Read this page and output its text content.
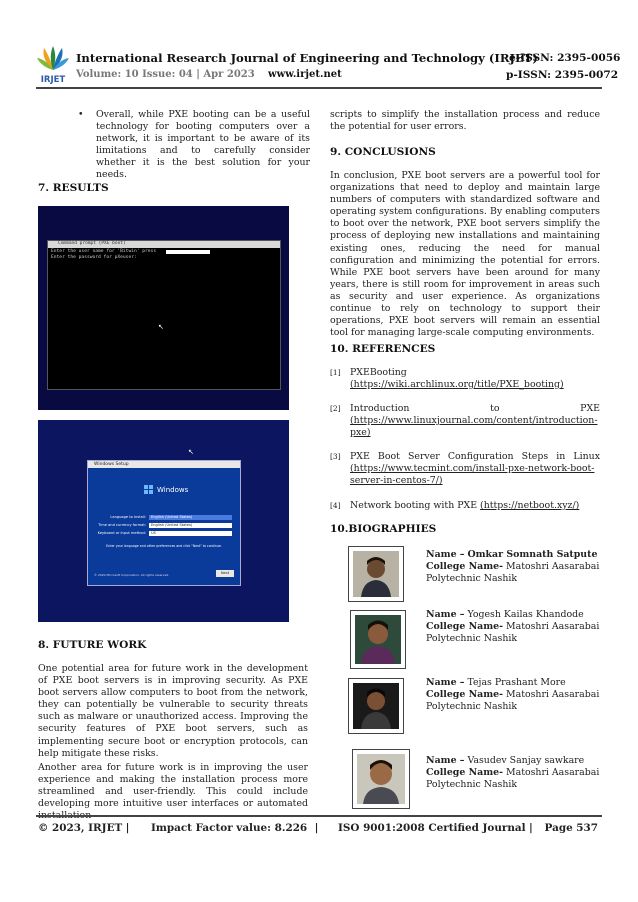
IRJET
International Research Journal of Engineering and Technology (IRJET)
e-ISSN: 2395-0056
Volume: 10 Issue: 04 | Apr 2023 www.irjet.net	p-ISSN: 2395-0072
•	Overall, while PXE booting can be a useful technology for booting computers over a network, it is important to be aware of its limitations and to carefully consider whether it is the best solution for your needs.
7. RESULTS
Command prompt (PXE boot)
Enter the user name for 'Bitwin' press
Enter the password for pXeuser:
↖
↖
Windows Setup
Windows
Language to install:	English (United States)
Time and currency format:	English (United States)
Keyboard or input method:	US
Enter your language and other preferences and click "Next" to continue.
© 2020 Microsoft Corporation. All rights reserved.	Next
8. FUTURE WORK
One potential area for future work in the development of PXE boot servers is in improving security. As PXE boot servers allow computers to boot from the network, they can potentially be vulnerable to security threats such as malware or unauthorized access. Improving the security features of PXE boot servers, such as implementing secure boot or encryption protocols, can help mitigate these risks.
Another area for future work is in improving the user experience and making the installation process more streamlined and user-friendly. This could include developing more intuitive user interfaces or automated
scripts to simplify the installation process and reduce the potential for user errors.
9. CONCLUSIONS
In conclusion, PXE boot servers are a powerful tool for organizations that need to deploy and maintain large numbers of computers with standardized software and operating system configurations. By enabling computers to boot over the network, PXE boot servers simplify the process of deploying new installations and maintaining existing ones, reducing the need for manual configuration and minimizing the potential for errors. While PXE boot servers have been around for many years, there is still room for improvement in areas such as security and user experience. As organizations continue to rely on technology to support their operations, PXE boot servers will remain an essential tool for managing large-scale computing environments.
10. REFERENCES
[1] PXEBooting
(https://wiki.archlinux.org/title/PXE_booting)
[2] Introduction to PXE
(https://www.linuxjournal.com/content/introduction-pxe)
[3] PXE Boot Server Configuration Steps in Linux (https://www.tecmint.com/install-pxe-network-boot-server-in-centos-7/)
[4] Network booting with PXE (https://netboot.xyz/)
10.BIOGRAPHIES
Name – Omkar Somnath Satpute
College Name- Matoshri Aasarabai
Polytechnic Nashik
Name – Yogesh Kailas Khandode
College Name- Matoshri Aasarabai
Polytechnic Nashik
Name – Tejas Prashant More
College Name- Matoshri Aasarabai
Polytechnic Nashik
Name – Vasudev Sanjay sawkare
College Name- Matoshri Aasarabai
Polytechnic Nashik
© 2023, IRJET |	Impact Factor value: 8.226 |	ISO 9001:2008 Certified Journal |	Page 537
